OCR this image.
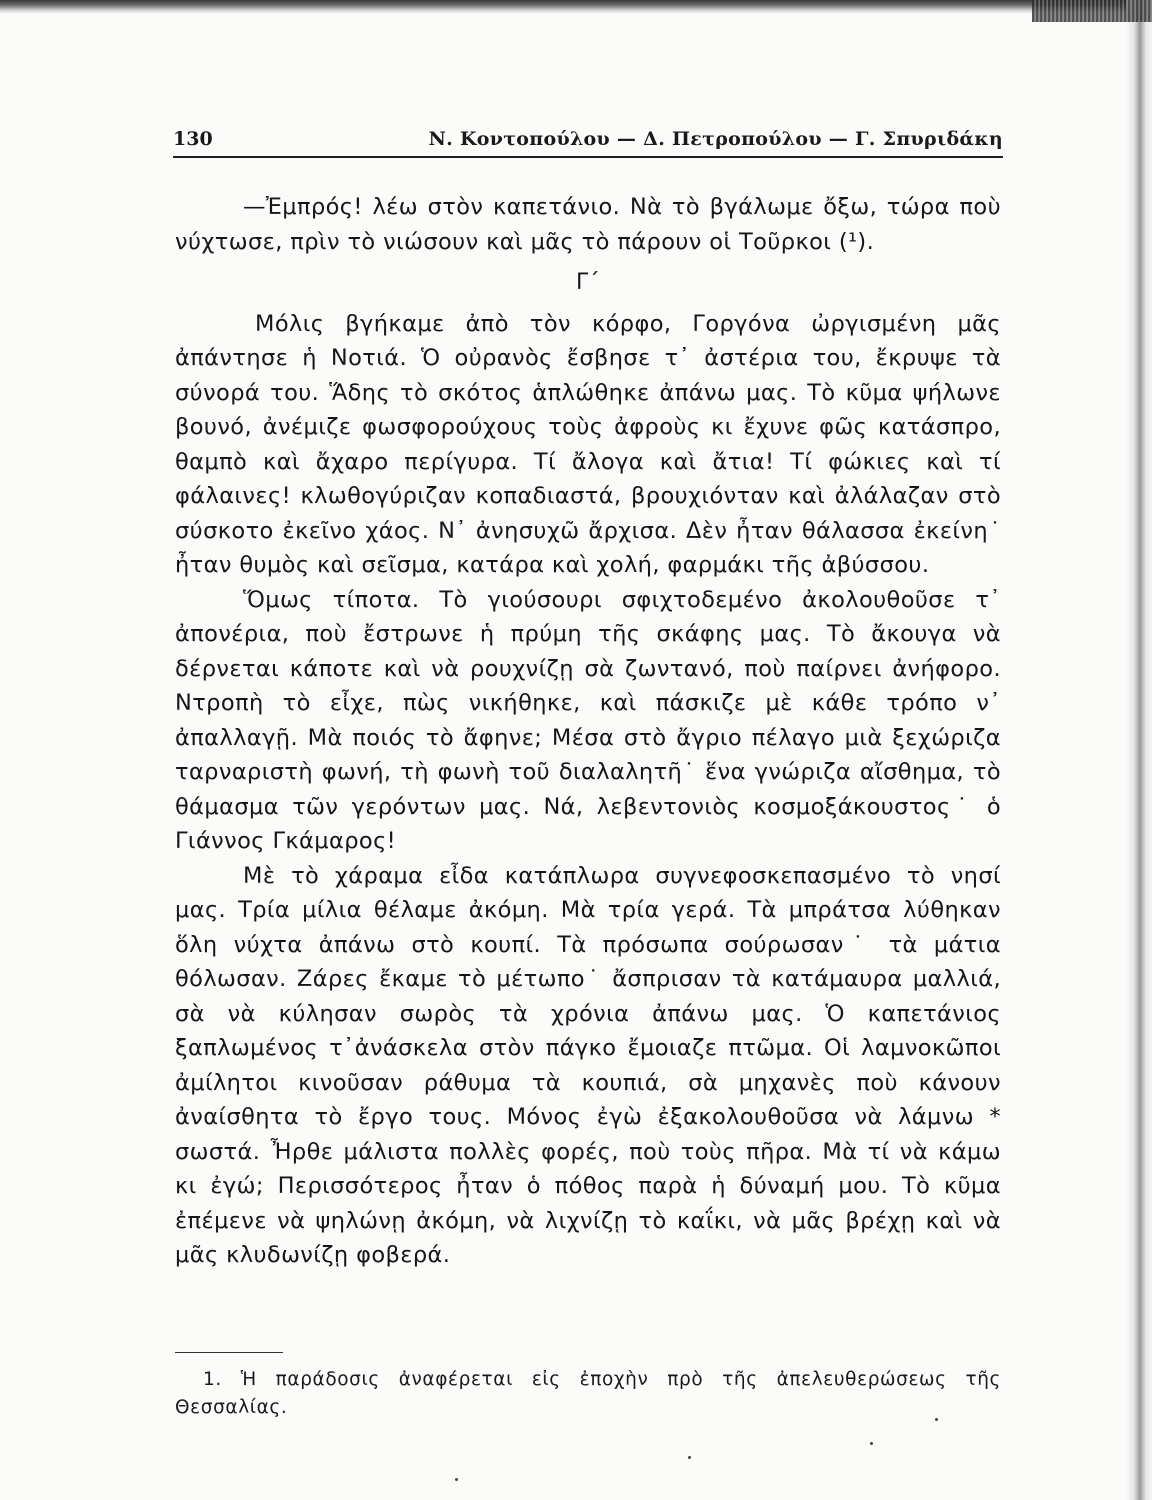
130	Ν. Κοντοπούλου — Δ. Πετροπούλου — Γ. Σπυριδάκη

—Ἐμπρός! λέω στὸν καπετάνιο. Νὰ τὸ βγάλωμε ὄξω, τώρα ποὺ νύχτωσε, πρὶν τὸ νιώσουν καὶ μᾶς τὸ πάρουν οἱ Τοῦρκοι (¹).

Γ΄

Μόλις βγήκαμε ἀπὸ τὸν κόρφο, Γοργόνα ὠργισμένη μᾶς ἀπάντησε ἡ Νοτιά. Ὁ οὐρανὸς ἔσβησε τ᾽ ἀστέρια του, ἔκρυψε τὰ σύνορά του. Ἅδης τὸ σκότος ἁπλώθηκε ἀπάνω μας. Τὸ κῦμα ψήλωνε βουνό, ἀνέμιζε φωσφορούχους τοὺς ἀφροὺς κι ἔχυνε φῶς κατάσπρο, θαμπὸ καὶ ἄχαρο περίγυρα. Τί ἄλογα καὶ ἄτια! Τί φώκιες καὶ τί φάλαινες! κλωθογύριζαν κοπαδιαστά, βρουχιόνταν καὶ ἀλάλαζαν στὸ σύσκοτο ἐκεῖνο χάος. Ν᾽ ἀνησυχῶ ἄρχισα. Δὲν ἦταν θάλασσα ἐκείνη˙ ἦταν θυμὸς καὶ σεῖσμα, κατάρα καὶ χολή, φαρμάκι τῆς ἀβύσσου.

Ὅμως τίποτα. Τὸ γιούσουρι σφιχτοδεμένο ἀκολουθοῦσε τ᾽ ἀπονέρια, ποὺ ἔστρωνε ἡ πρύμη τῆς σκάφης μας. Τὸ ἄκουγα νὰ δέρνεται κάποτε καὶ νὰ ρουχνίζῃ σὰ ζωντανό, ποὺ παίρνει ἀνήφορο. Ντροπὴ τὸ εἶχε, πὼς νικήθηκε, καὶ πάσκιζε μὲ κάθε τρόπο ν᾽ ἀπαλλαγῇ. Μὰ ποιός τὸ ἄφηνε; Μέσα στὸ ἄγριο πέλαγο μιὰ ξεχώριζα ταρναριστὴ φωνή, τὴ φωνὴ τοῦ διαλαλητῆ˙ ἕνα γνώριζα αἴσθημα, τὸ θάμασμα τῶν γερόντων μας. Νά, λεβεντονιὸς κοσμοξάκουστος˙ ὁ Γιάννος Γκάμαρος!

Μὲ τὸ χάραμα εἶδα κατάπλωρα συγνεφοσκεπασμένο τὸ νησί μας. Τρία μίλια θέλαμε ἀκόμη. Μὰ τρία γερά. Τὰ μπράτσα λύθηκαν ὅλη νύχτα ἀπάνω στὸ κουπί. Τὰ πρόσωπα σούρωσαν˙ τὰ μάτια θόλωσαν. Ζάρες ἔκαμε τὸ μέτωπο˙ ἄσπρισαν τὰ κατάμαυρα μαλλιά, σὰ νὰ κύλησαν σωρὸς τὰ χρόνια ἀπάνω μας. Ὁ καπετάνιος ξαπλωμένος τ᾽ἀνάσκελα στὸν πάγκο ἔμοιαζε πτῶμα. Οἱ λαμνοκῶποι ἀμίλητοι κινοῦσαν ράθυμα τὰ κουπιά, σὰ μηχανὲς ποὺ κάνουν ἀναίσθητα τὸ ἔργο τους. Μόνος ἐγὼ ἐξακολουθοῦσα νὰ λάμνω * σωστά. Ἦρθε μάλιστα πολλὲς φορές, ποὺ τοὺς πῆρα. Μὰ τί νὰ κάμω κι ἐγώ; Περισσότερος ἦταν ὁ πόθος παρὰ ἡ δύναμή μου. Τὸ κῦμα ἐπέμενε νὰ ψηλώνῃ ἀκόμη, νὰ λιχνίζῃ τὸ καΐκι, νὰ μᾶς βρέχῃ καὶ νὰ μᾶς κλυδωνίζῃ φοβερά.

1. Ἡ παράδοσις ἀναφέρεται εἰς ἐποχὴν πρὸ τῆς ἀπελευθερώσεως τῆς Θεσσαλίας.
